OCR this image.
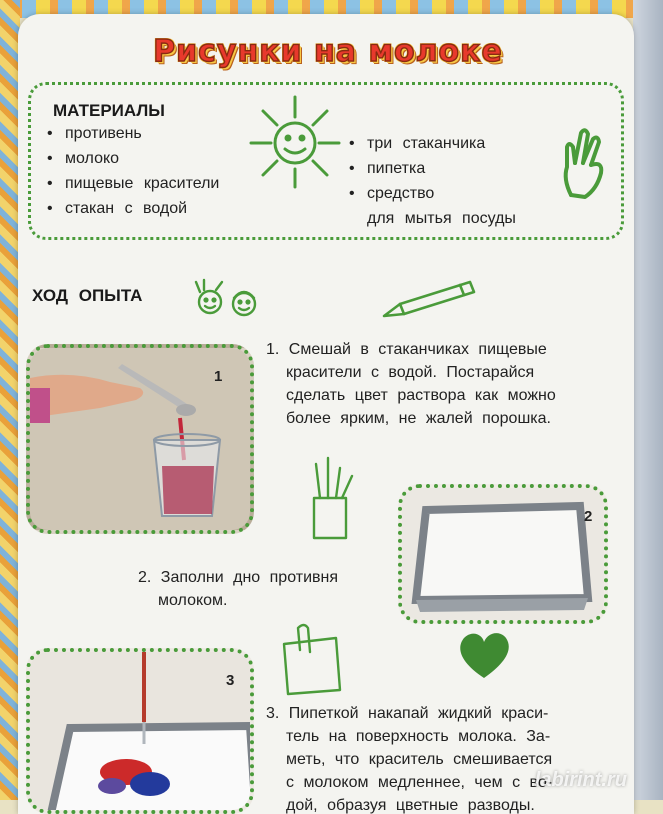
Рисунки на молоке
МАТЕРИАЛЫ
• противень
• молоко
• пищевые красители
• стакан с водой
• три стаканчика
• пипетка
• средство
для мытья посуды
ХОД ОПЫТА
1
1. Смешай в стаканчиках пищевые

красители с водой. Постарайся
сделать цвет раствора как можно
более ярким, не жалей порошка.
2
2. Заполни дно противня

молоком.
3
3. Пипеткой накапай жидкий краси-

тель на поверхность молока. За-
меть, что краситель смешивается
с молоком медленнее, чем с во-
дой, образуя цветные разводы.
labirint.ru
